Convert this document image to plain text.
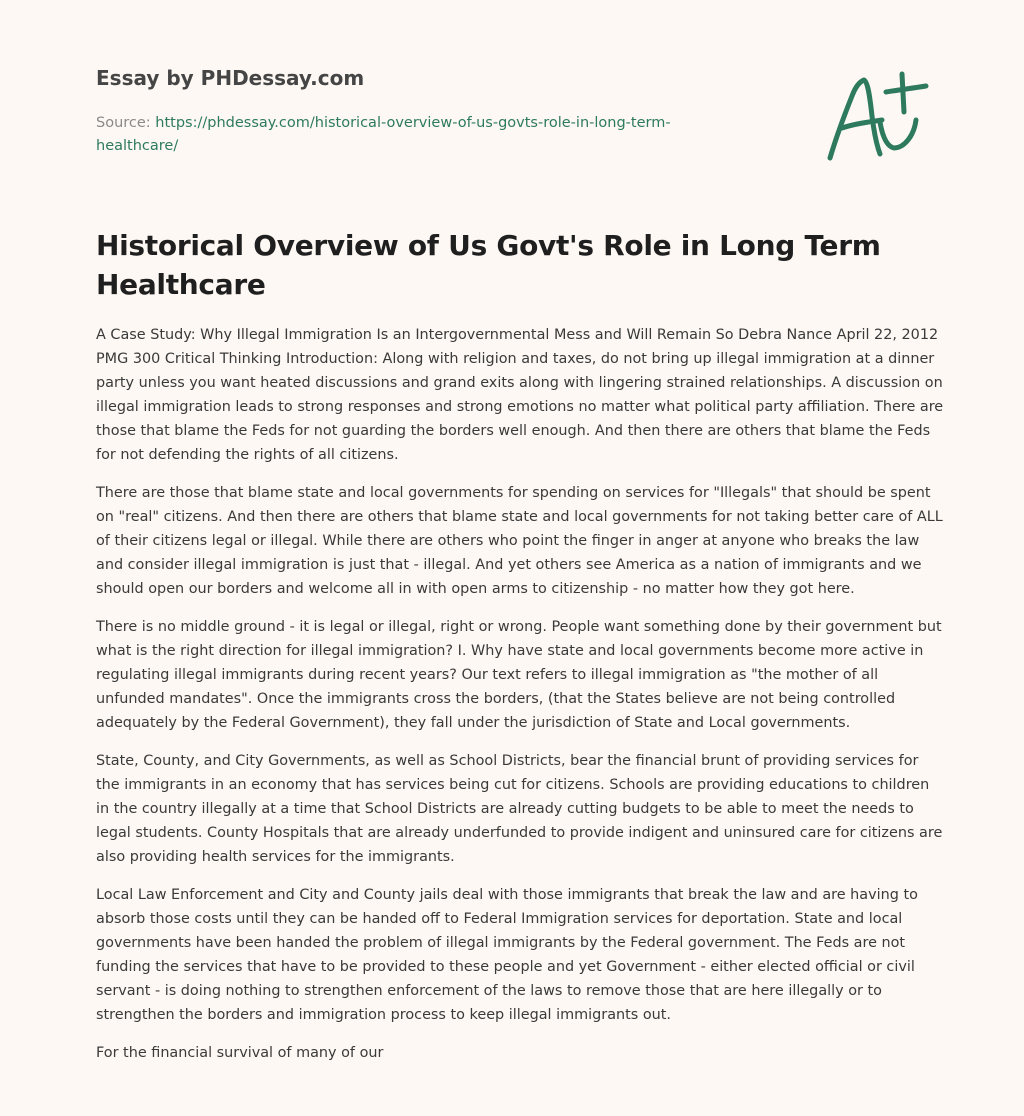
Essay by PHDessay.com
Source: https://phdessay.com/historical-overview-of-us-govts-role-in-long-term-healthcare/
Historical Overview of Us Govt's Role in Long Term Healthcare

A Case Study: Why Illegal Immigration Is an Intergovernmental Mess and Will Remain So Debra Nance April 22, 2012 PMG 300 Critical Thinking Introduction: Along with religion and taxes, do not bring up illegal immigration at a dinner party unless you want heated discussions and grand exits along with lingering strained relationships. A discussion on illegal immigration leads to strong responses and strong emotions no matter what political party affiliation. There are those that blame the Feds for not guarding the borders well enough. And then there are others that blame the Feds for not defending the rights of all citizens.

There are those that blame state and local governments for spending on services for "Illegals" that should be spent on "real" citizens. And then there are others that blame state and local governments for not taking better care of ALL of their citizens legal or illegal. While there are others who point the finger in anger at anyone who breaks the law and consider illegal immigration is just that - illegal. And yet others see America as a nation of immigrants and we should open our borders and welcome all in with open arms to citizenship - no matter how they got here.

There is no middle ground - it is legal or illegal, right or wrong. People want something done by their government but what is the right direction for illegal immigration? I. Why have state and local governments become more active in regulating illegal immigrants during recent years? Our text refers to illegal immigration as "the mother of all unfunded mandates". Once the immigrants cross the borders, (that the States believe are not being controlled adequately by the Federal Government), they fall under the jurisdiction of State and Local governments.

State, County, and City Governments, as well as School Districts, bear the financial brunt of providing services for the immigrants in an economy that has services being cut for citizens. Schools are providing educations to children in the country illegally at a time that School Districts are already cutting budgets to be able to meet the needs to legal students. County Hospitals that are already underfunded to provide indigent and uninsured care for citizens are also providing health services for the immigrants.

Local Law Enforcement and City and County jails deal with those immigrants that break the law and are having to absorb those costs until they can be handed off to Federal Immigration services for deportation. State and local governments have been handed the problem of illegal immigrants by the Federal government. The Feds are not funding the services that have to be provided to these people and yet Government - either elected official or civil servant - is doing nothing to strengthen enforcement of the laws to remove those that are here illegally or to strengthen the borders and immigration process to keep illegal immigrants out.

For the financial survival of many of our
